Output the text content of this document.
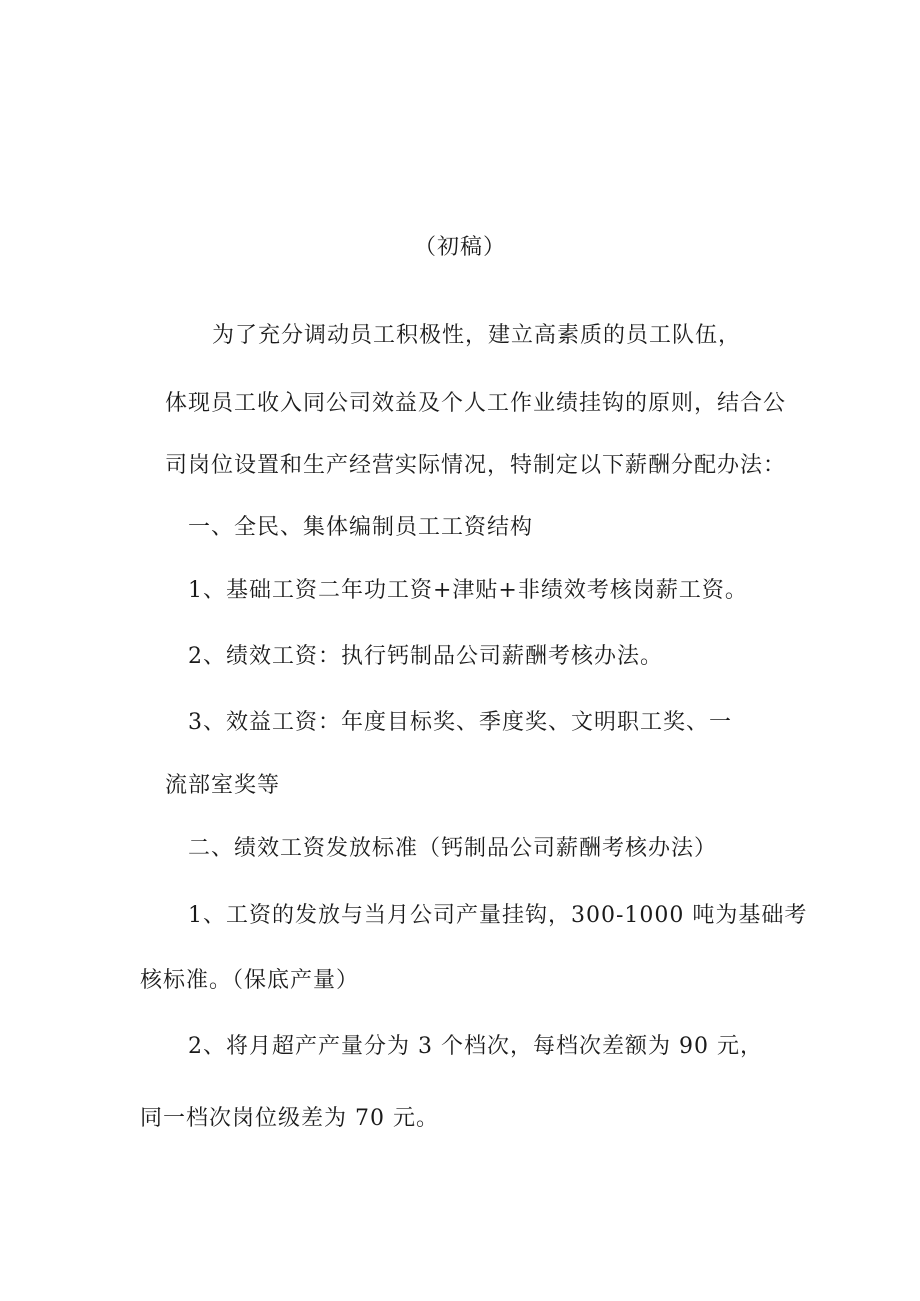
（初稿）
为了充分调动员工积极性，建立高素质的员工队伍，
体现员工收入同公司效益及个人工作业绩挂钩的原则，结合公
司岗位设置和生产经营实际情况，特制定以下薪酬分配办法：
一、全民、集体编制员工工资结构
1、基础工资二年功工资+津贴+非绩效考核岗薪工资。
2、绩效工资：执行钙制品公司薪酬考核办法。
3、效益工资：年度目标奖、季度奖、文明职工奖、一
流部室奖等
二、绩效工资发放标准（钙制品公司薪酬考核办法）
1、工资的发放与当月公司产量挂钩，300-1000 吨为基础考
核标准。（保底产量）
2、将月超产产量分为 3 个档次，每档次差额为 90 元，
同一档次岗位级差为 70 元。
